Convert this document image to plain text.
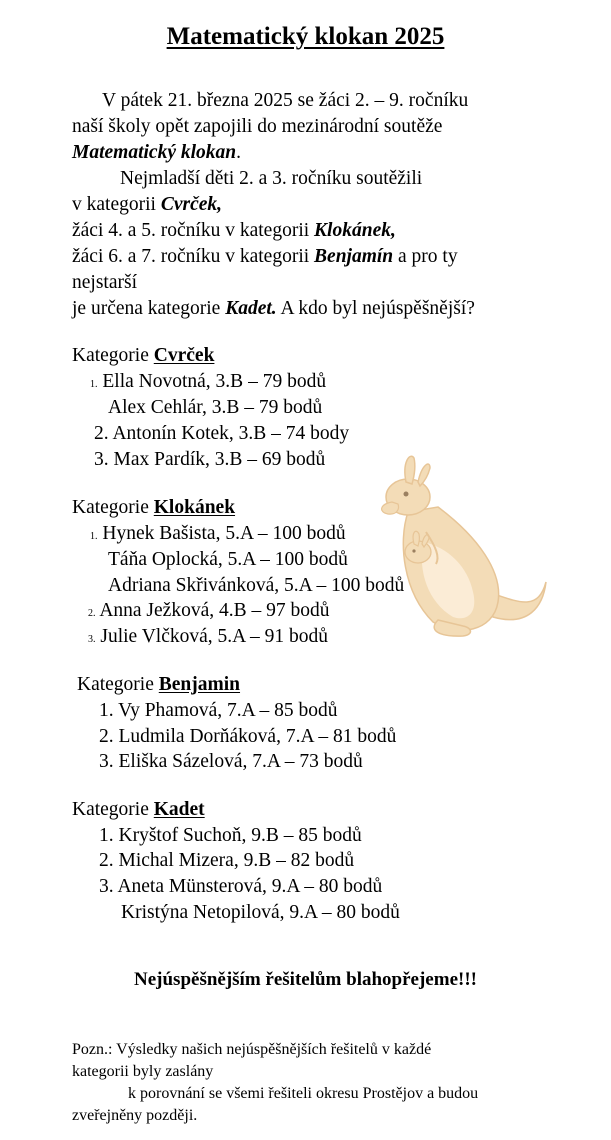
Matematický klokan 2025

V pátek 21. března 2025 se žáci 2. – 9. ročníku

naší školy opět zapojili do mezinárodní soutěže

Matematický klokan.

Nejmladší děti 2. a 3. ročníku soutěžili

v kategorii Cvrček,

žáci 4. a 5. ročníku v kategorii Klokánek,

žáci 6. a 7. ročníku v kategorii Benjamín a pro ty

nejstarší

je určena kategorie Kadet. A kdo byl nejúspěšnější?

Kategorie Cvrček

1. Ella Novotná, 3.B – 79 bodů

Alex Cehlár, 3.B – 79 bodů

2. Antonín Kotek, 3.B – 74 body

3. Max Pardík, 3.B – 69 bodů

Kategorie Klokánek

1. Hynek Bašista, 5.A – 100 bodů

Táňa Oplocká, 5.A – 100 bodů

Adriana Skřivánková, 5.A – 100 bodů

2. Anna Ježková, 4.B – 97 bodů

3. Julie Vlčková, 5.A – 91 bodů

Kategorie Benjamin

1. Vy Phamová, 7.A – 85 bodů

2. Ludmila Dorňáková, 7.A – 81 bodů

3. Eliška Sázelová, 7.A – 73 bodů

Kategorie Kadet

1. Kryštof Suchoň, 9.B – 85 bodů

2. Michal Mizera, 9.B – 82 bodů

3. Aneta Münsterová, 9.A – 80 bodů

Kristýna Netopilová, 9.A – 80 bodů

Nejúspěšnějším řešitelům blahopřejeme!!!

Pozn.: Výsledky našich nejúspěšnějších řešitelů v každé

kategorii byly zaslány

k porovnání se všemi řešiteli okresu Prostějov a budou

zveřejněny později.
